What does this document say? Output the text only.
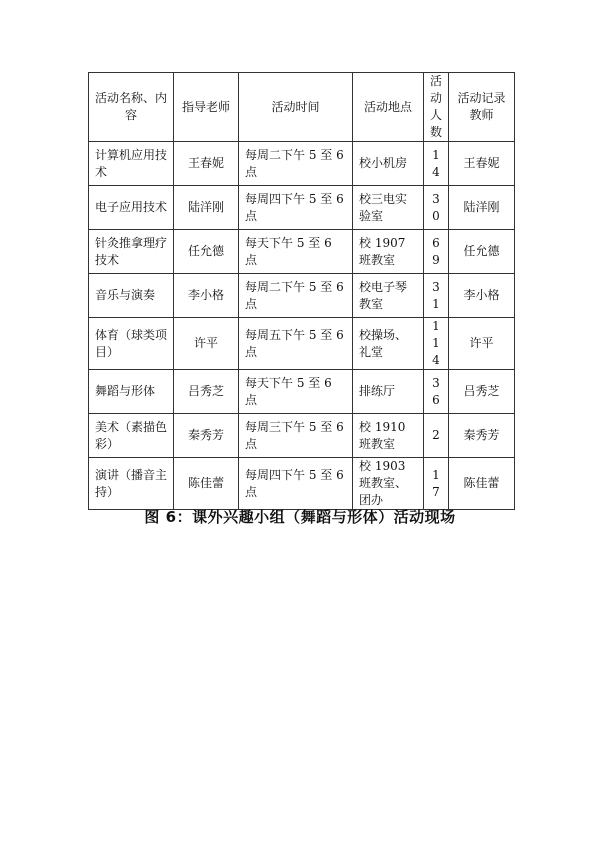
活动名称、内容	指导老师	活动时间	活动地点	活动人数	活动记录教师
计算机应用技术	王春妮	每周二下午 5 至 6 点	校小机房	14	王春妮
电子应用技术	陆洋刚	每周四下午 5 至 6 点	校三电实验室	30	陆洋刚
针灸推拿理疗技术	任允德	每天下午 5 至 6 点	校 1907 班教室	69	任允德
音乐与演奏	李小格	每周二下午 5 至 6 点	校电子琴教室	31	李小格
体育（球类项目）	许平	每周五下午 5 至 6 点	校操场、礼堂	114	许平
舞蹈与形体	吕秀芝	每天下午 5 至 6 点	排练厅	36	吕秀芝
美术（素描色彩）	秦秀芳	每周三下午 5 至 6 点	校 1910 班教室	2	秦秀芳
演讲（播音主持）	陈佳蕾	每周四下午 5 至 6 点	校 1903 班教室、团办	17	陈佳蕾
图 6：课外兴趣小组（舞蹈与形体）活动现场
